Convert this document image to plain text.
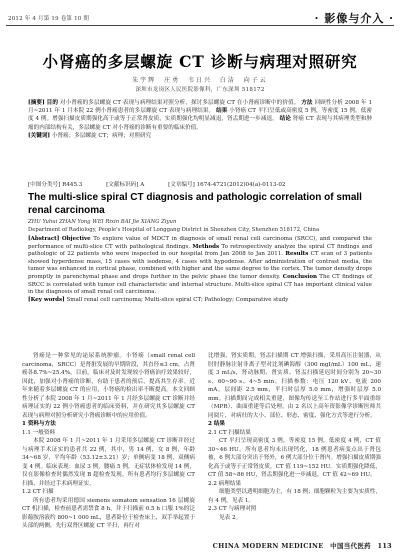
2012 年 4 月第 19 卷第 10 期	· 影像与介入 ·
小肾癌的多层螺旋 CT 诊断与病理对照研究
朱宇辉 庄勇 韦日兴 白洁 向子云
深圳市龙岗区人民医院影像科，广东深圳 518172
[摘要] 目的 对小肾癌的多层螺旋 CT 表现与病理结果对照分析，探讨多层螺旋 CT 在小肾癌诊断中的价值。 方法 回顾性分析 2008 年 1 月~2011 年 1 月本院 22 例小肾癌患者的多层螺旋 CT 表现与病理结果。 结果 小肾癌 CT 平扫呈低或高密度 5 例，等密度 15 例，低密度 4 例。增强扫描皮质期强化高于或等于正常肾皮质，实质期强化均明显减退，肾盂期进一步减退。 结论 肾癌 CT 表现与其病理类型和肿瘤的内部结构有关，多层螺旋 CT 对小肾癌的诊断有重要的临床价值。
[关键词] 小肾癌；多层螺旋 CT；病理；对照研究
[中图分类号] R445.3	[文献标识码] A	[文章编号] 1674-4721(2012)04(a)-0113-02
The multi-slice spiral CT diagnosis and pathologic correlation of small renal carcinoma
ZHU Yuhui ZHAN Yong WEI Rixin BAI Jie XIANG Ziyun
Department of Radiology, People's Hospital of Longgang District in Shenzhen City, Shenzhen 518172, China
[Abstract] Objective To explore value of MDCT in diagnosis of small renal cell carcinoma (SRCC), and compared the performance of multi-slice CT with pathological findings. Methods To retrospectively analyze the spiral CT findings and pathologic of 22 patients who were inspected in our hospital from Jan 2008 to Jan 2011. Results CT scan of 3 patients showed hyperdense mass, 15 cases with isodense, 4 cases with hypodense. After administration of contrast media, the tumor was enhanced in cortical phase, combined with higher and the same degree to the cortex. The tumor density drops promptly in parenchymal phase and drops further in the pelvic phase the tumor density. Conclusion The CT findings of SRCC is correlated with tumor cell characteristic and internal structure. Multi-slice spiral CT has important clinical value in the diagnosis of small renal cell carcinoma.
[Key words] Small renal cell carcinoma; Multi-slice spiral CT; Pathology; Comparative study

肾癌是一种常见的泌尿系统肿瘤。小肾癌（small renal cell carcinoma，SRCC）是肾脏发展的早期阶段，其直径≤3 cm，占肾癌各8.7%~25.4%，目前，临床对及时发现较小肾癌治疗效果较好，因此，加强对小肾癌的诊断，有助于患者的预后，提高其生存率。近年来随着多层螺旋 CT 的应用，小肾癌的检出率不断提高。本文回顾性分析了本院 2008 年 1 月~2011 年 1 月经多层螺旋 CT 诊断并经病理证实的 22 例小肾癌患者的临床资料，并在研究其多层螺旋 CT 表现与病理对照分析研究小肾癌诊断中的应用价值。

1 资料与方法

1.1 一般资料

本院 2008 年 1 月~2011 年 1 月采用多层螺旋 CT 诊断并经过与病理手术证实的患者共 22 例，其中，男 14 例，女 8 例，年龄 34~68 岁，平均年龄（53.12±3.21）岁；单侧病变 18 例，双侧病变 4 例。临床表现：血尿 3 例，腰痛 5 例，无症状体检发现 14 例，仅在影像检查时偶然发现 B 超检查发现。所有患者均行多层螺旋 CT 扫描，并经过手术病理证实。

1.2 CT 扫描

所有患者均采用德国 siemens somatom sensation 16 层螺旋 CT 机扫描，检查前患者需禁食 8 h，并于扫描前 0.5 h 口服 1%的泛影葡胺溶液约 800~1 000 mL，患者卧位于检查床上，双手举起置于头部的两侧，先行双肾区螺旋 CT 平扫，再行对

比增强，肾实质期，肾盂扫描期 CT 增强扫描，采用高压注射器，从肘肘静脉注射非离子型对比剂碘海醇（300 mgI/mL）100 mL，速度 3 mL/s，肾动脉期、肾实质、肾盂扫描延迟时间分别为 20~30 s、60~90 s、4~5 min。扫描参数：电压 120 kV、电流 200 mA，层间距 2.5 mm，平扫时层厚 5.0 mm，增强时层厚 5.0 mm。扫描期间完成相关重建，图像均传送至工作站进行多平面重组（MPR）、曲面重建等后处理，由 2 名以上高年资影像学诊断医师共同阅片，对病灶的大小、部位、形态、密度、强化方式等进行分析。

2 结果

2.1 CT 扫描结果

CT 平扫呈现高密度 3 例，等密度 15 例，低密度 4 例，CT 值 30~46 HU。所有患者均未出现钙化，18 例患者病变点出于肾包被，6 例大部分突出于肾外，6 例大部分位于肾内。增强扫描皮质期强化高于或等于正常肾皮质，CT 值 119~152 HU。实质期强化降低，CT 值 58~86 HU，肾盂期强化进一步减退，CT 值 42~69 HU。

2.2 病理结果

细胞类型以透明细胞为主，有 18 例；细胞颗粒为主要为实质性，有 4 例。见表 1。

2.3 CT 与病理对照

见表 2。

CHINA MODERN MEDICINE 中国当代医药 113
